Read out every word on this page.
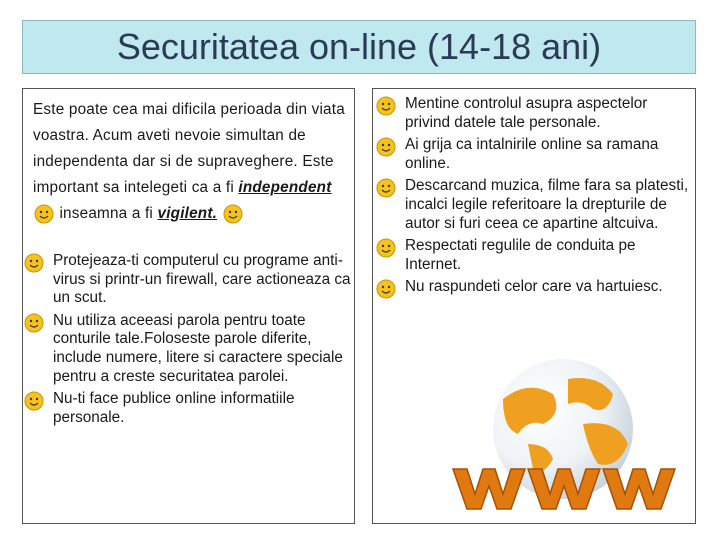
Securitatea on-line (14-18 ani)
Este poate cea mai dificila perioada din viata voastra. Acum aveti nevoie simultan de independenta dar si de supraveghere. Este important sa intelegeti ca a fi independent  inseamna a fi vigilent.
Protejeaza-ti computerul cu programe anti-virus si printr-un firewall, care actioneaza ca un scut.
Nu utiliza aceeasi parola pentru toate conturile tale.Foloseste parole diferite, include numere, litere si caractere speciale pentru a creste securitatea parolei.
Nu-ti face publice online informatiile personale.
Mentine controlul asupra aspectelor privind datele tale personale.
Ai grija ca intalnirile online sa ramana online.
Descarcand muzica, filme fara sa platesti, incalci legile referitoare la drepturile de autor si furi ceea ce apartine altcuiva.
Respectati regulile de conduita pe Internet.
Nu raspundeti celor care va hartuiesc.
